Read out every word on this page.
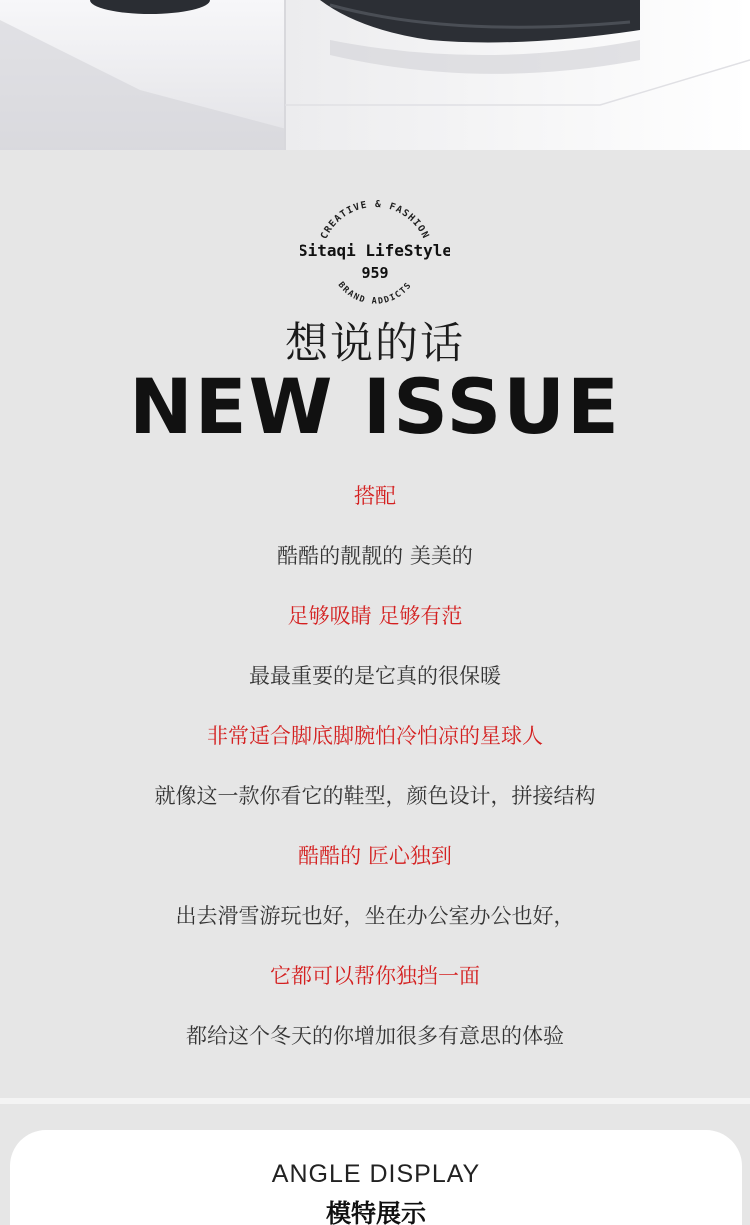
CREATIVE & FASHION
Sitaqi LifeStyle
959
BRAND ADDICTS
想说的话
NEW ISSUE
搭配
酷酷的靓靓的 美美的
足够吸睛 足够有范
最最重要的是它真的很保暖
非常适合脚底脚腕怕冷怕凉的星球人
就像这一款你看它的鞋型，颜色设计，拼接结构
酷酷的 匠心独到
出去滑雪游玩也好，坐在办公室办公也好，
它都可以帮你独挡一面
都给这个冬天的你增加很多有意思的体验
ANGLE DISPLAY
模特展示
